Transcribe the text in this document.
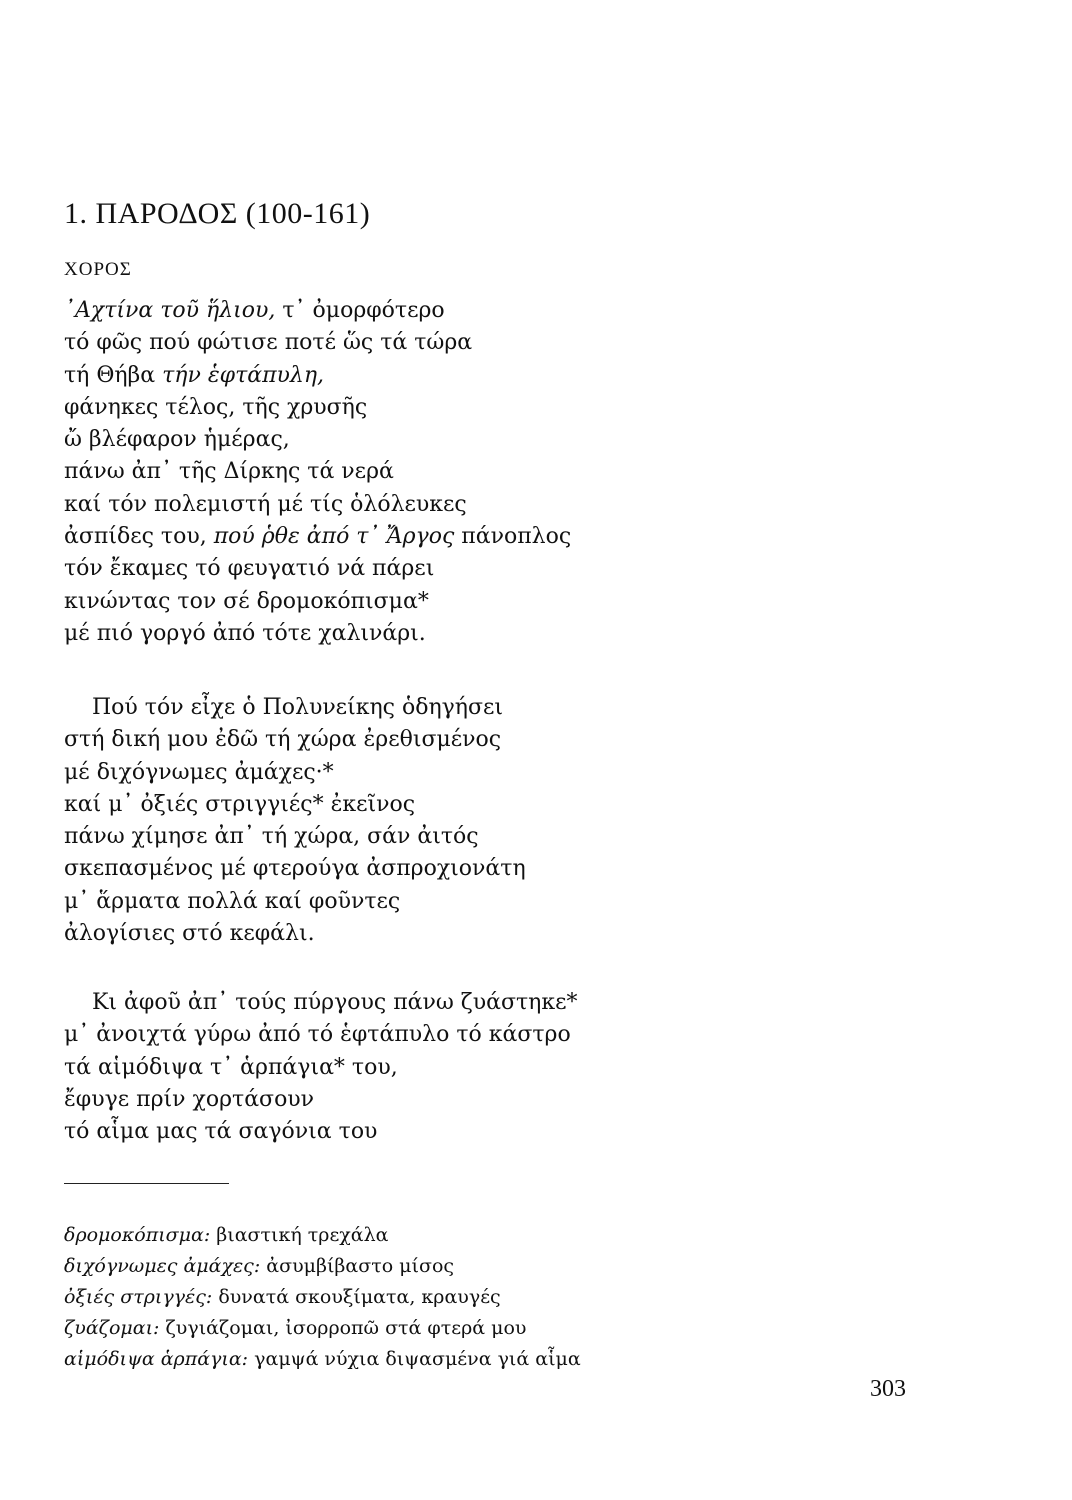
1. ΠΑΡΟΔΟΣ (100-161)
ΧΟΡΟΣ
᾿Αχτίνα τοῦ ἥλιου, τ᾿ ὀμορφότερο
τό φῶς πού φώτισε ποτέ ὥς τά τώρα
τή Θήβα τήν ἑφτάπυλη,
φάνηκες τέλος, τῆς χρυσῆς
ὤ βλέφαρον ἡμέρας,
πάνω ἀπ᾿ τῆς Δίρκης τά νερά
καί τόν πολεμιστή μέ τίς ὁλόλευκες
ἀσπίδες του, πού ῥθε ἀπό τ᾿ Ἄργος πάνοπλος
τόν ἔκαμες τό φευγατιό νά πάρει
κινώντας τον σέ δρομοκόπισμα*
μέ πιό γοργό ἀπό τότε χαλινάρι.
Πού τόν εἶχε ὁ Πολυνείκης ὁδηγήσει
στή δική μου ἐδῶ τή χώρα ἐρεθισμένος
μέ διχόγνωμες ἀμάχες·*
καί μ᾿ ὀξιές στριγγιές* ἐκεῖνος
πάνω χίμησε ἀπ᾿ τή χώρα, σάν ἀιτός
σκεπασμένος μέ φτερούγα ἀσπροχιονάτη
μ᾿ ἅρματα πολλά καί φοῦντες
ἀλογίσιες στό κεφάλι.
Κι ἀφοῦ ἀπ᾿ τούς πύργους πάνω ζυάστηκε*
μ᾿ ἀνοιχτά γύρω ἀπό τό ἑφτάπυλο τό κάστρο
τά αἱμόδιψα τ᾿ ἁρπάγια* του,
ἔφυγε πρίν χορτάσουν
τό αἷμα μας τά σαγόνια του
δρομοκόπισμα: βιαστική τρεχάλα
διχόγνωμες ἀμάχες: ἀσυμβίβαστο μίσος
ὀξιές στριγγές: δυνατά σκουξίματα, κραυγές
ζυάζομαι: ζυγιάζομαι, ἰσορροπῶ στά φτερά μου
αἱμόδιψα ἁρπάγια: γαμψά νύχια διψασμένα γιά αἷμα
303
